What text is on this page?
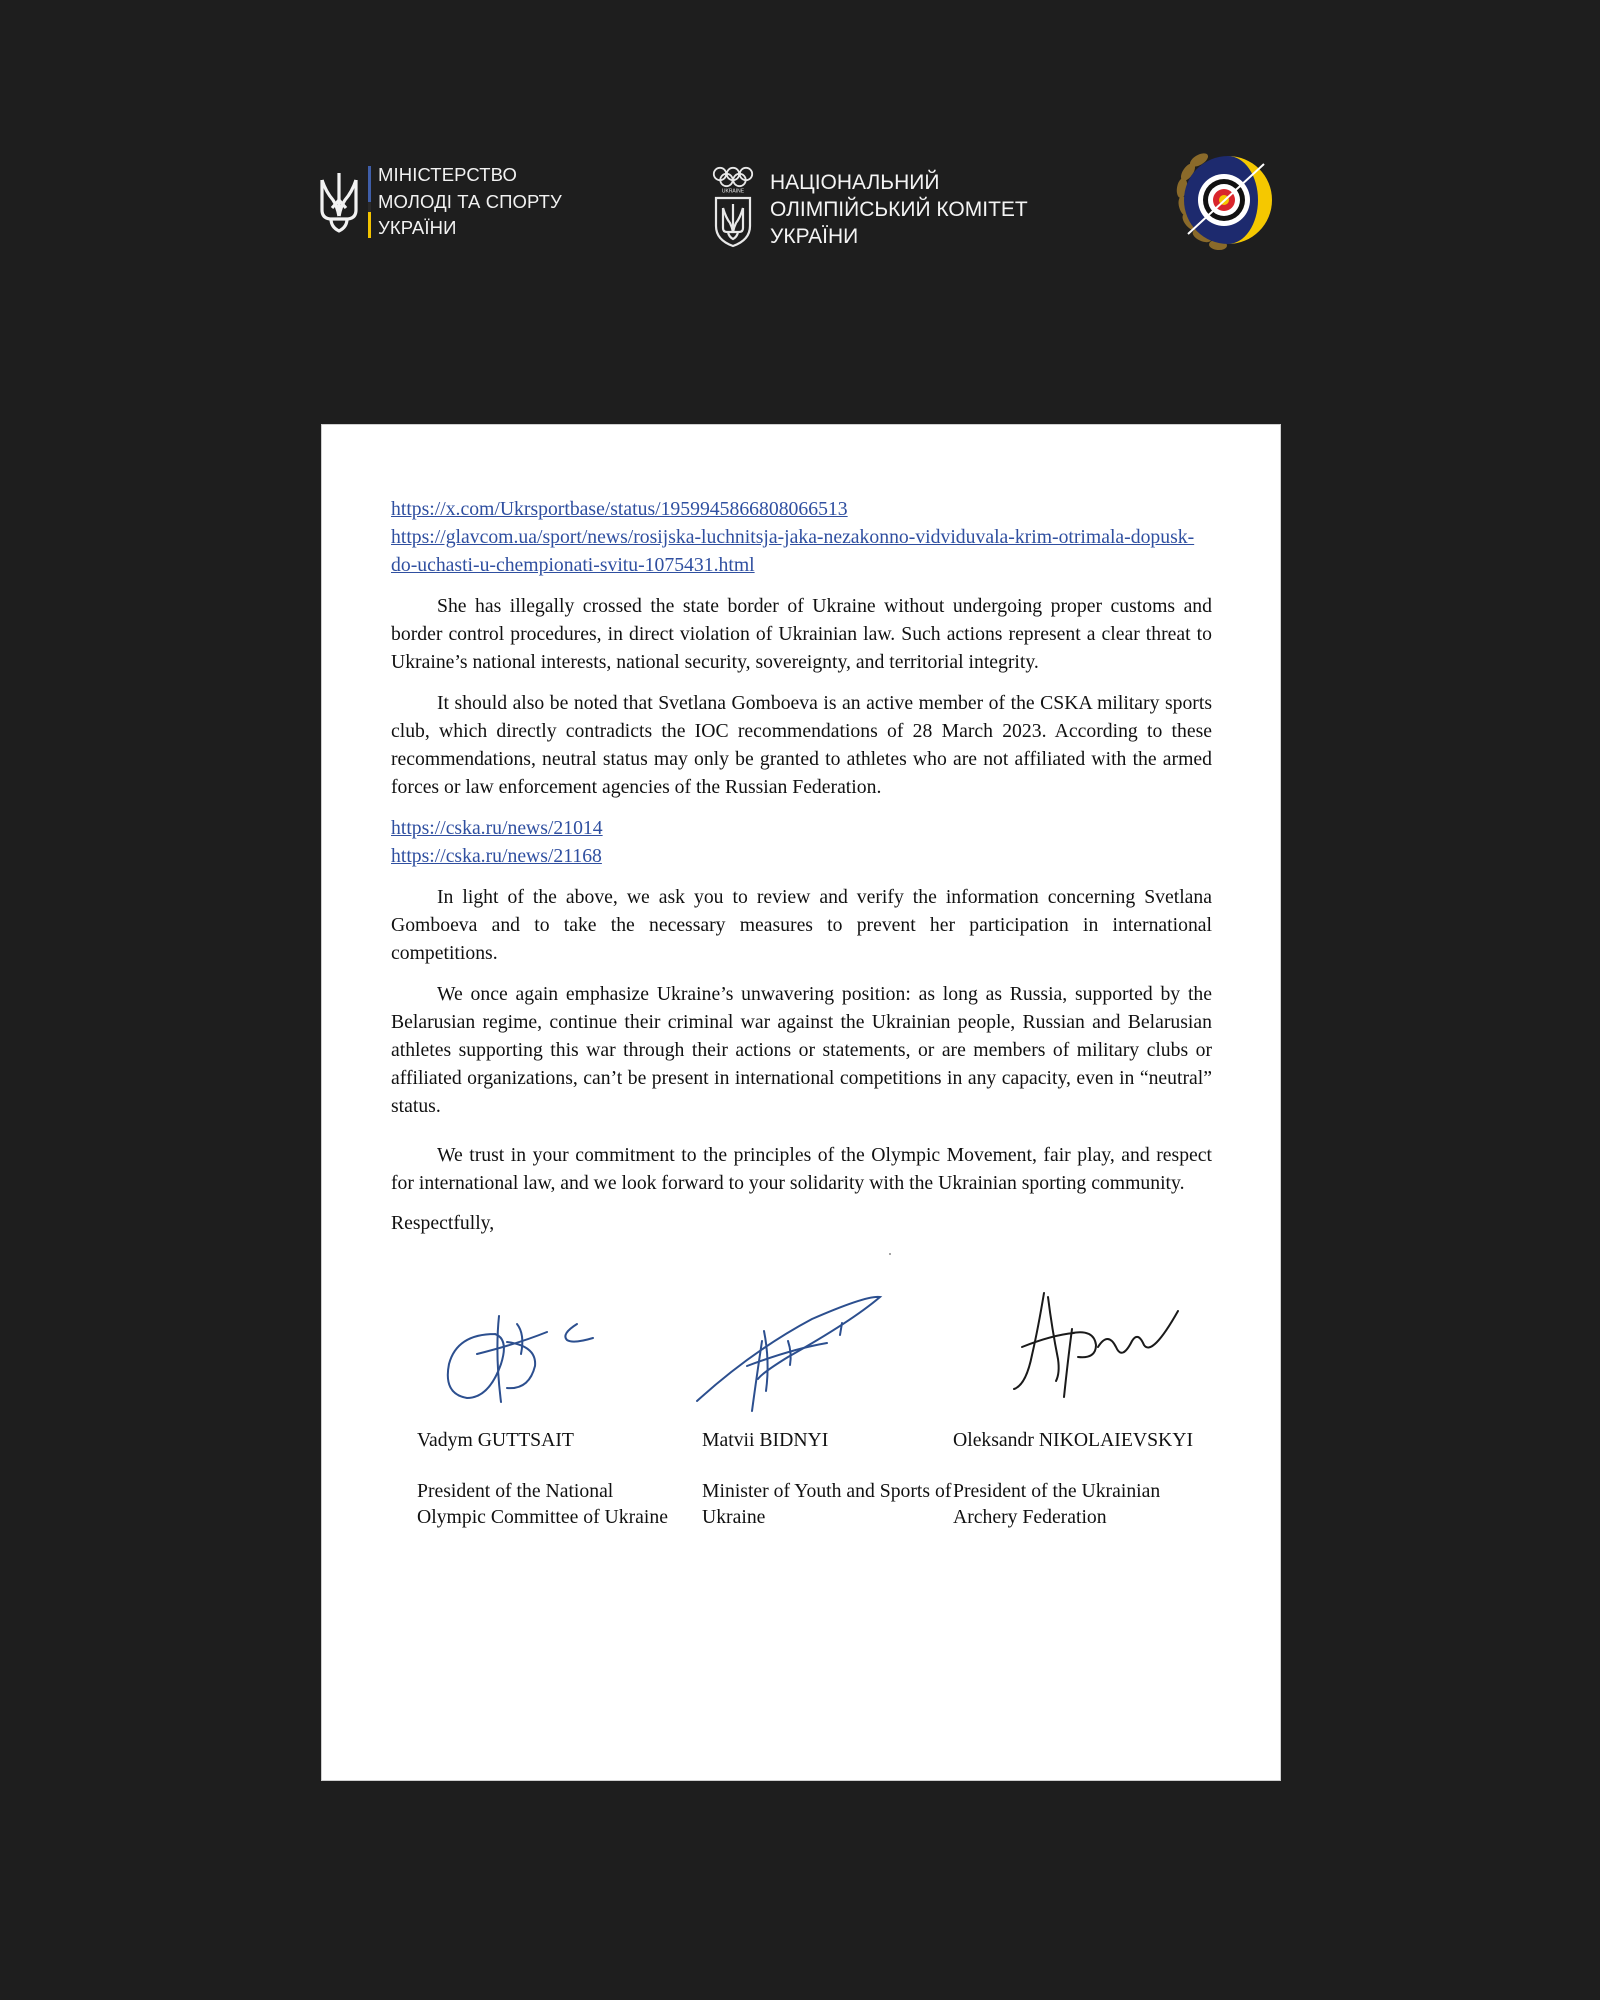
МІНІСТЕРСТВО
МОЛОДІ ТА СПОРТУ
УКРАЇНИ
UKRAINE НАЦІОНАЛЬНИЙ
ОЛІМПІЙСЬКИЙ КОМІТЕТ
УКРАЇНИ
https://x.com/Ukrsportbase/status/1959945866808066513
https://glavcom.ua/sport/news/rosijska-luchnitsja-jaka-nezakonno-vidviduvala-krim-otrimala-dopusk-do-uchasti-u-chempionati-svitu-1075431.html

She has illegally crossed the state border of Ukraine without undergoing proper customs and border control procedures, in direct violation of Ukrainian law. Such actions represent a clear threat to Ukraine’s national interests, national security, sovereignty, and territorial integrity.

It should also be noted that Svetlana Gomboeva is an active member of the CSKA military sports club, which directly contradicts the IOC recommendations of 28 March 2023. According to these recommendations, neutral status may only be granted to athletes who are not affiliated with the armed forces or law enforcement agencies of the Russian Federation.

https://cska.ru/news/21014
https://cska.ru/news/21168

In light of the above, we ask you to review and verify the information concerning Svetlana Gomboeva and to take the necessary measures to prevent her participation in international competitions.

We once again emphasize Ukraine’s unwavering position: as long as Russia, supported by the Belarusian regime, continue their criminal war against the Ukrainian people, Russian and Belarusian athletes supporting this war through their actions or statements, or are members of military clubs or affiliated organizations, can’t be present in international competitions in any capacity, even in “neutral” status.

We trust in your commitment to the principles of the Olympic Movement, fair play, and respect for international law, and we look forward to your solidarity with the Ukrainian sporting community.

Respectfully,
Vadym GUTTSAIT
President of the National Olympic Committee of Ukraine
Matvii BIDNYI
Minister of Youth and Sports of Ukraine
Oleksandr NIKOLAIEVSKYI
President of the Ukrainian Archery Federation
